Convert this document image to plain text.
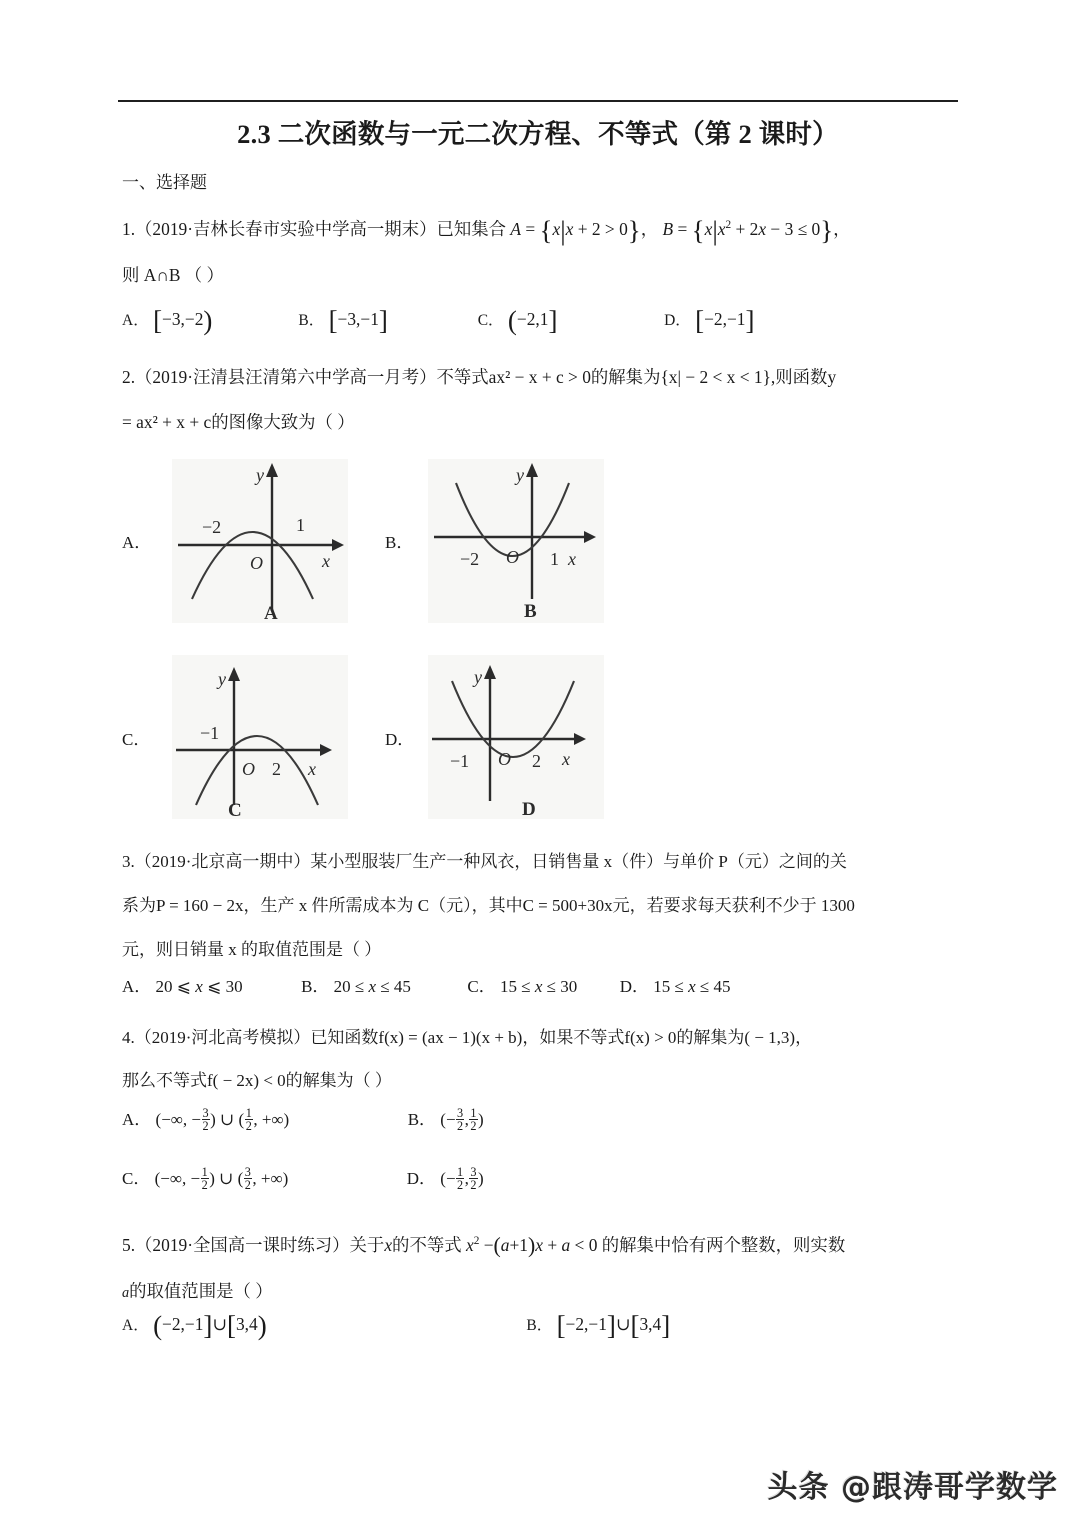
2.3 二次函数与一元二次方程、不等式（第 2 课时）
一、选择题
1.（2019·吉林长春市实验中学高一期末）已知集合 A = {x|x + 2 > 0}， $B = \{x|x^2 + 2x - 3 \le 0\}$，
则 A∩B （ ）
A． [−3,−2)	B． [−3,−1]	C． (−2,1]	D． [−2,−1]
2.（2019·汪清县汪清第六中学高一月考）不等式ax² − x + c > 0的解集为{x| − 2 < x < 1},则函数y
= ax² + x + c的图像大致为（ ）
A．
−2	1
O
y
x
A
B．
−2	1
O
y
x
B
C．	−1
2
O
y
x
C
D．
−1	2
O
y
x
D
3.（2019·北京高一期中）某小型服装厂生产一种风衣，日销售量 x（件）与单价 P（元）之间的关
系为P = 160 − 2x，生产 x 件所需成本为 C（元），其中C = 500+30x元，若要求每天获利不少于 1300
元，则日销量 x 的取值范围是（ ）
A． 20 ⩽ x ⩽ 30	B． 20 ≤ x ≤ 45	C． 15 ≤ x ≤ 30	D． 15 ≤ x ≤ 45
4.（2019·河北高考模拟）已知函数f(x) = (ax − 1)(x + b)，如果不等式f(x) > 0的解集为( − 1,3)，
那么不等式f( − 2x) < 0的解集为（ ）
A． (−∞, − $\frac{3}{2}$ ) ∪ ( $\frac{1}{2}$ , +∞)	B． (− $\frac{3}{2}$ , $\frac{1}{2}$ )
C． (−∞, − $\frac{1}{2}$ ) ∪ ( $\frac{3}{2}$ , +∞)	D． (− $\frac{1}{2}$ , $\frac{3}{2}$ )
5.（2019·全国高一课时练习）关于x的不等式 $x^2 -(a+1)x + a < 0$ 的解集中恰有两个整数，则实数
a的取值范围是（ ）
A． (−2,−1]∪[3,4)	B． [−2,−1]∪[3,4]
头条 @跟涛哥学数学
